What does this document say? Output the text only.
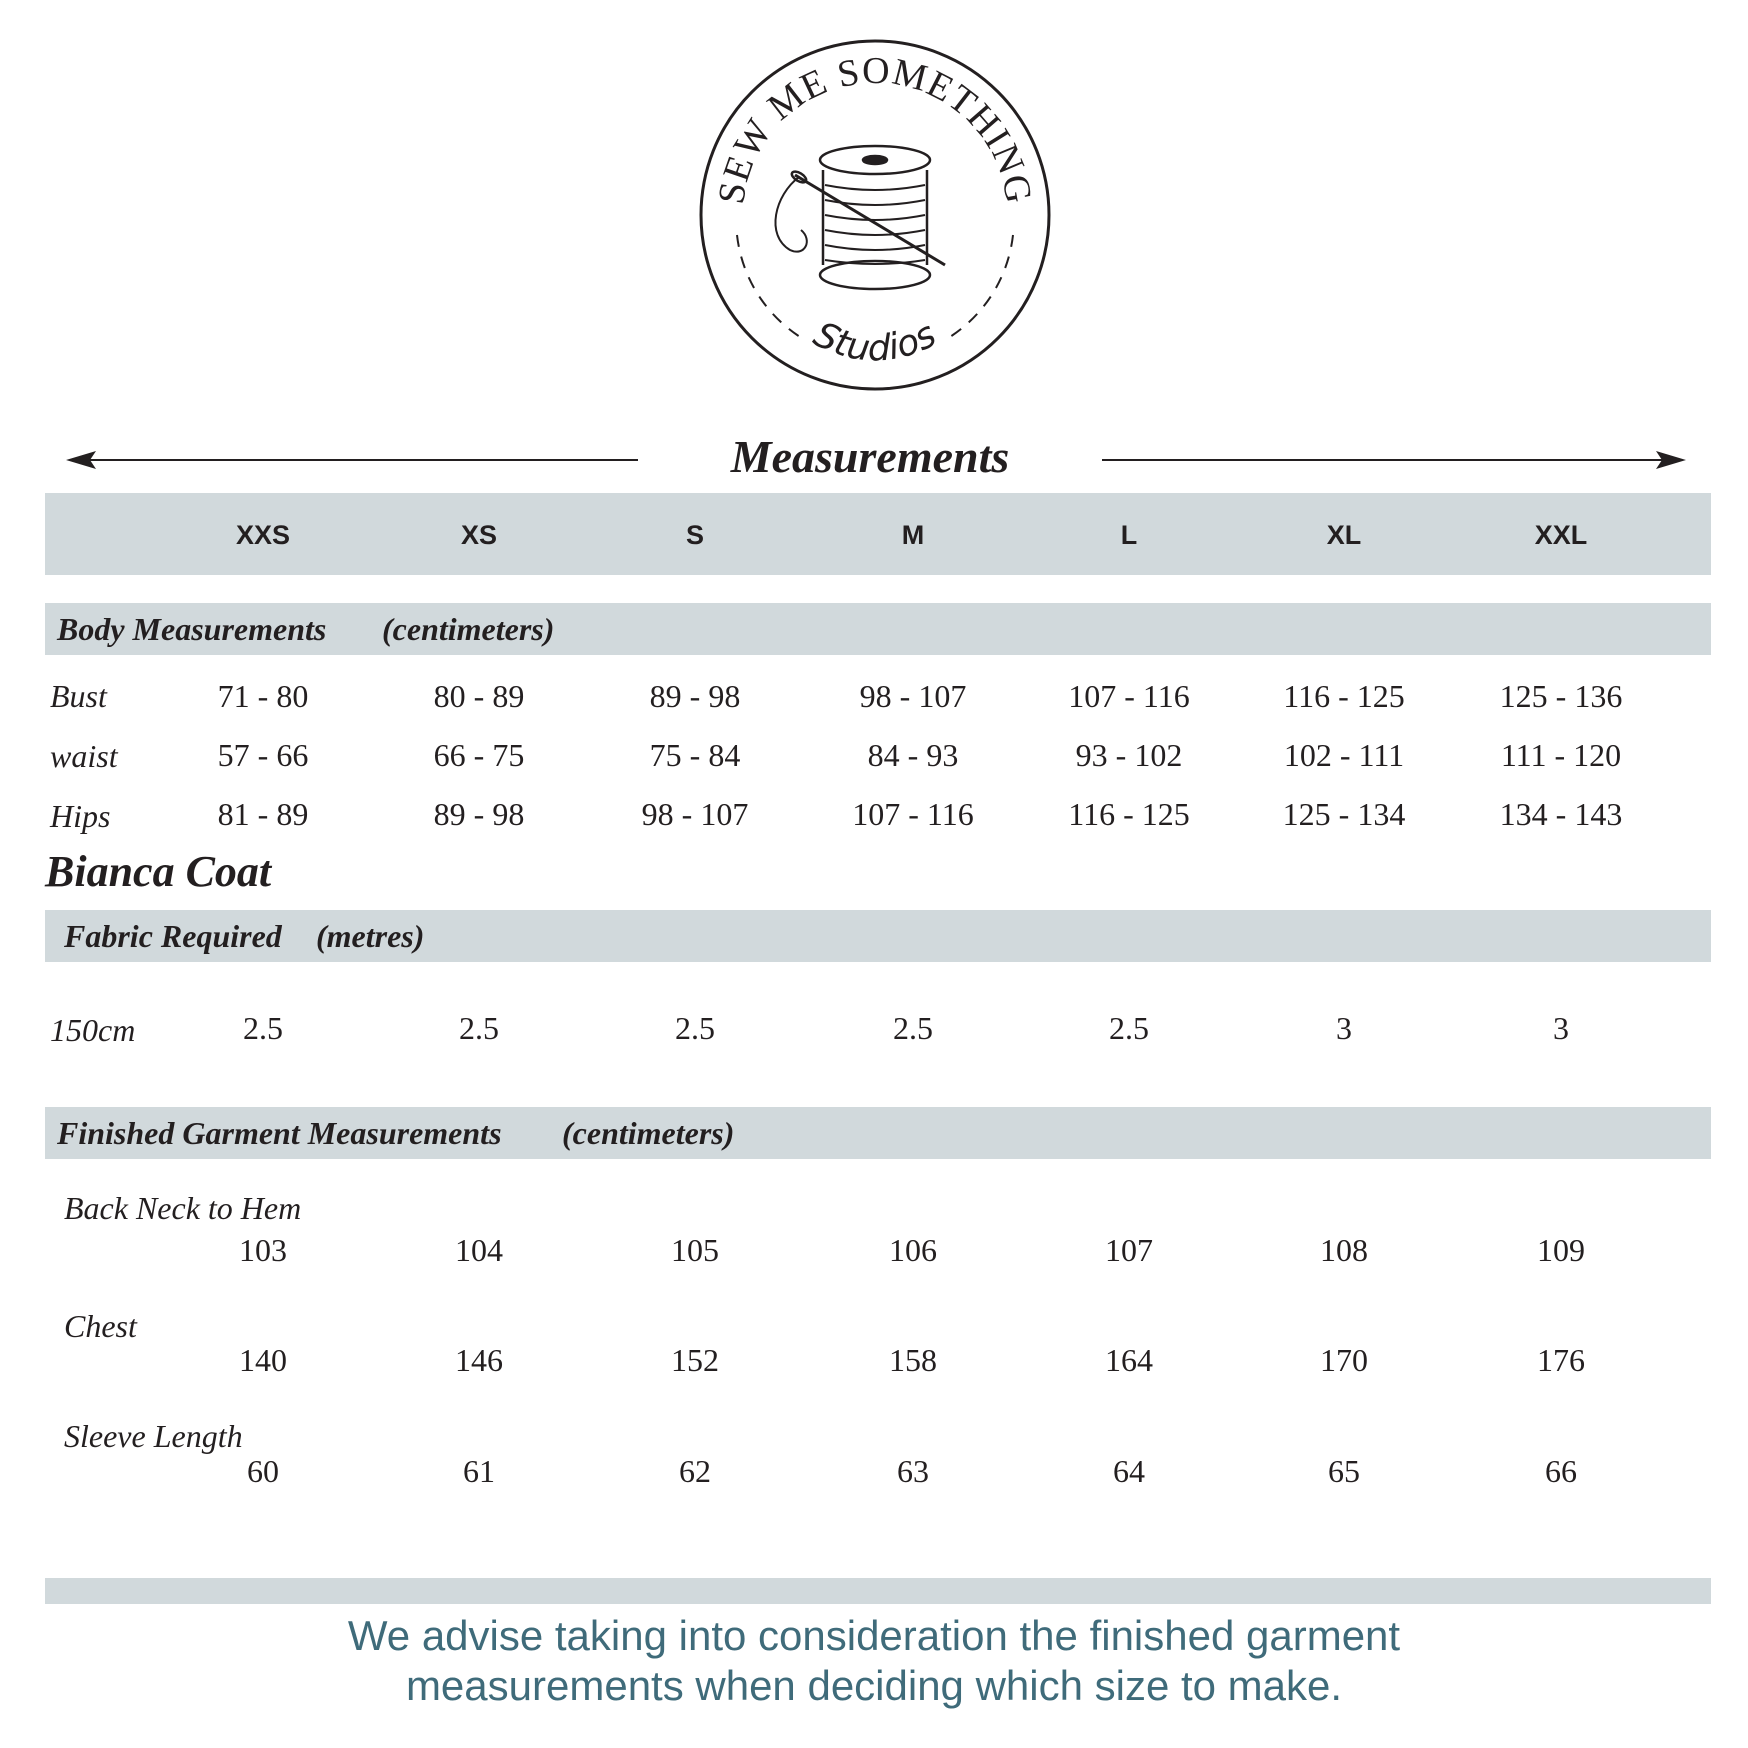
SEW ME SOMETHING
Studios
Measurements
XXS	XS	S	M	L	XL	XXL
Body Measurements (centimeters)
Bust	71 - 80	80 - 89	89 - 98	98 - 107	107 - 116	116 - 125	125 - 136
waist	57 - 66	66 - 75	75 - 84	84 - 93	93 - 102	102 - 111	111 - 120
Hips	81 - 89	89 - 98	98 - 107	107 - 116	116 - 125	125 - 134	134 - 143
Bianca Coat
Fabric Required (metres)
150cm	2.5	2.5	2.5	2.5	2.5	3	3
Finished Garment Measurements (centimeters)
Back Neck to Hem
103	104	105	106	107	108	109
Chest
140	146	152	158	164	170	176
Sleeve Length
60	61	62	63	64	65	66
We advise taking into consideration the finished garment
measurements when deciding which size to make.
